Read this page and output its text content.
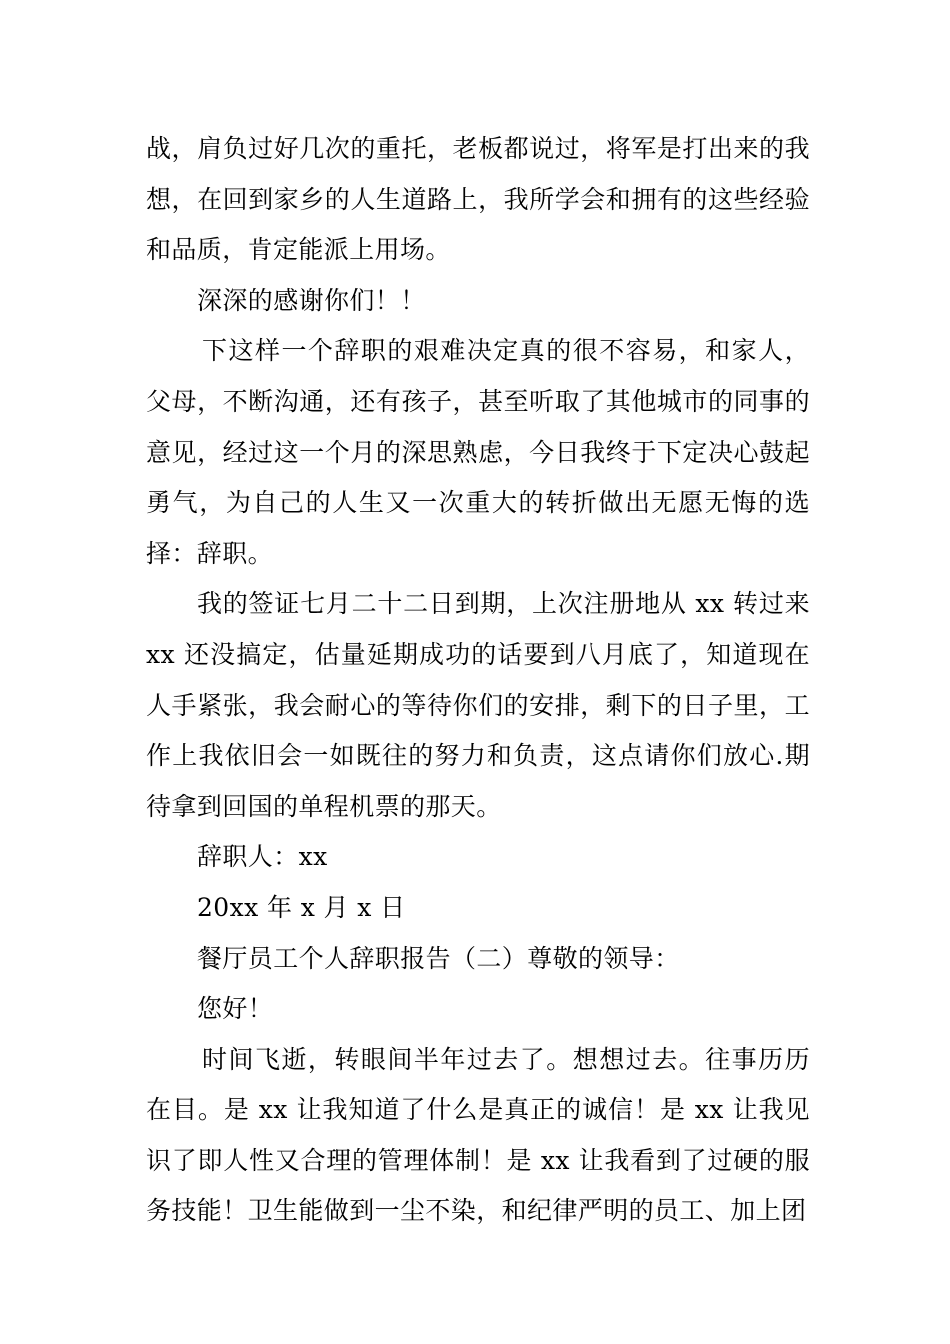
战，肩负过好几次的重托，老板都说过，将军是打出来的我想，在回到家乡的人生道路上，我所学会和拥有的这些经验和品质，肯定能派上用场。

深深的感谢你们！！

下这样一个辞职的艰难决定真的很不容易，和家人，父母，不断沟通，还有孩子，甚至听取了其他城市的同事的意见，经过这一个月的深思熟虑，今日我终于下定决心鼓起勇气，为自己的人生又一次重大的转折做出无愿无悔的选择：辞职。

我的签证七月二十二日到期，上次注册地从 xx 转过来 xx 还没搞定，估量延期成功的话要到八月底了，知道现在人手紧张，我会耐心的等待你们的安排，剩下的日子里，工作上我依旧会一如既往的努力和负责，这点请你们放心.期待拿到回国的单程机票的那天。

辞职人：xx

20xx 年 x 月 x 日

餐厅员工个人辞职报告（二）尊敬的领导：

您好！

时间飞逝，转眼间半年过去了。想想过去。往事历历在目。是 xx 让我知道了什么是真正的诚信！是 xx 让我见识了即人性又合理的管理体制！是 xx 让我看到了过硬的服务技能！卫生能做到一尘不染，和纪律严明的员工、加上团
